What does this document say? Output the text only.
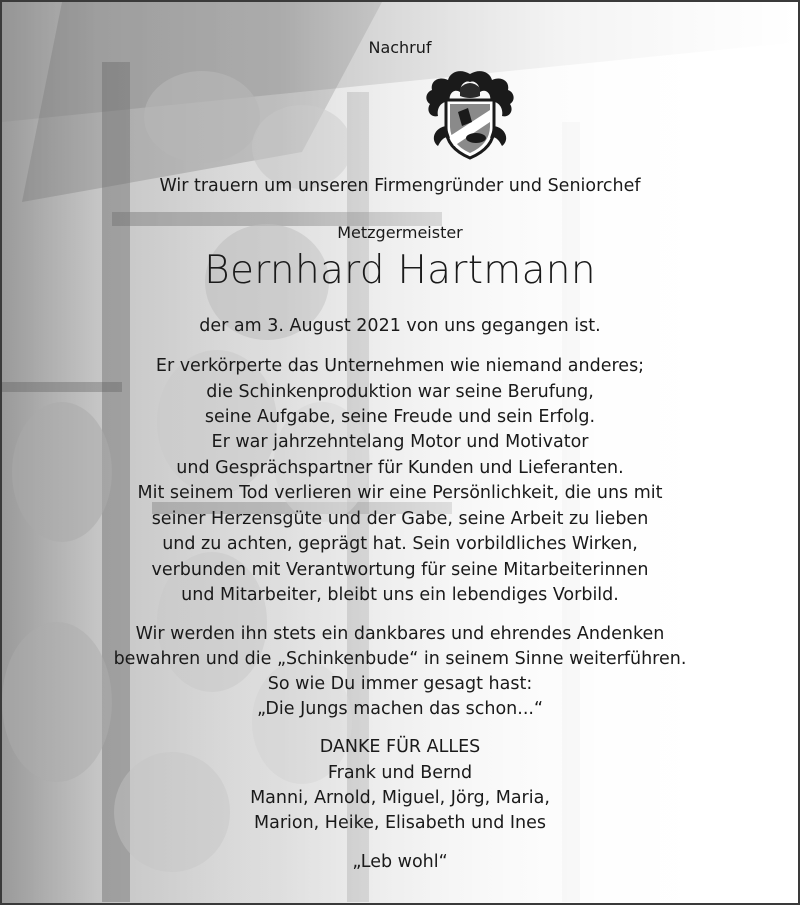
Nachruf
Wir trauern um unseren Firmengründer und Seniorchef
Metzgermeister
Bernhard Hartmann
der am 3. August 2021 von uns gegangen ist.
Er verkörperte das Unternehmen wie niemand anderes;
die Schinkenproduktion war seine Berufung,
seine Aufgabe, seine Freude und sein Erfolg.
Er war jahrzehntelang Motor und Motivator
und Gesprächspartner für Kunden und Lieferanten.
Mit seinem Tod verlieren wir eine Persönlichkeit, die uns mit
seiner Herzensgüte und der Gabe, seine Arbeit zu lieben
und zu achten, geprägt hat. Sein vorbildliches Wirken,
verbunden mit Verantwortung für seine Mitarbeiterinnen
und Mitarbeiter, bleibt uns ein lebendiges Vorbild.
Wir werden ihn stets ein dankbares und ehrendes Andenken
bewahren und die „Schinkenbude“ in seinem Sinne weiterführen.
So wie Du immer gesagt hast:
„Die Jungs machen das schon...“
DANKE FÜR ALLES
Frank und Bernd
Manni, Arnold, Miguel, Jörg, Maria,
Marion, Heike, Elisabeth und Ines
„Leb wohl“
